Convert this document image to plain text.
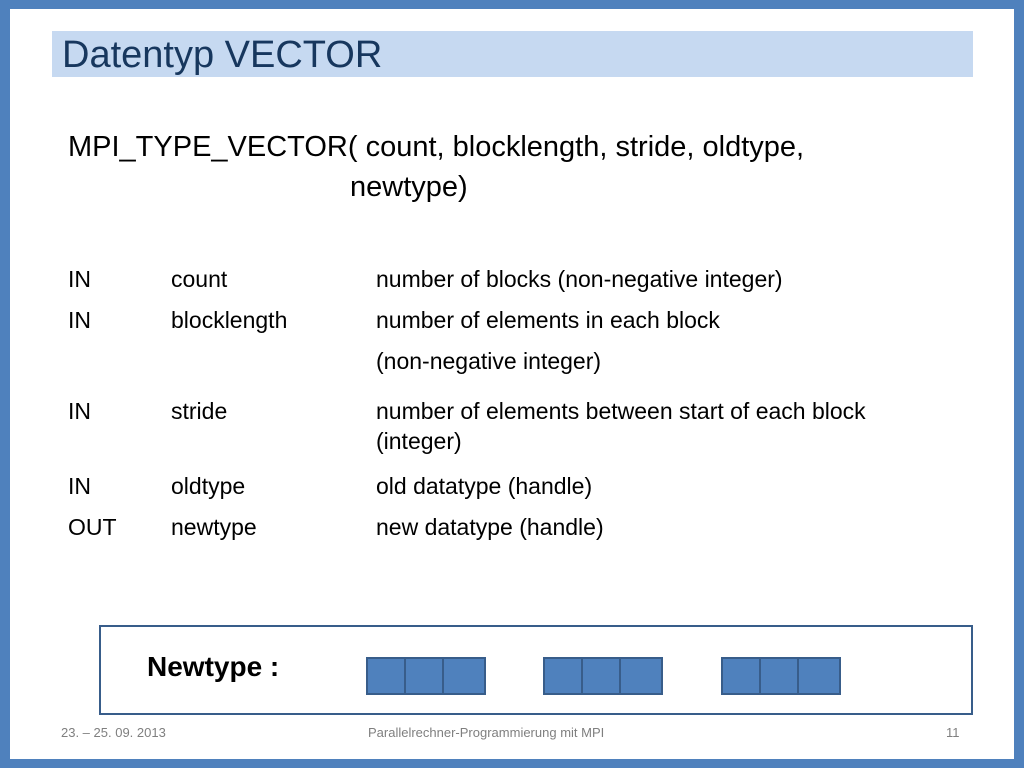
Datentyp VECTOR
MPI_TYPE_VECTOR( count, blocklength, stride, oldtype,
newtype)
IN	count	number of blocks (non-negative integer)
IN	blocklength	number of elements in each block
(non-negative integer)
IN	stride	number of elements between start of each block
(integer)
IN	oldtype	old datatype (handle)
OUT newtype	new datatype (handle)
Newtype :
23. – 25. 09. 2013	Parallelrechner-Programmierung mit MPI	11
